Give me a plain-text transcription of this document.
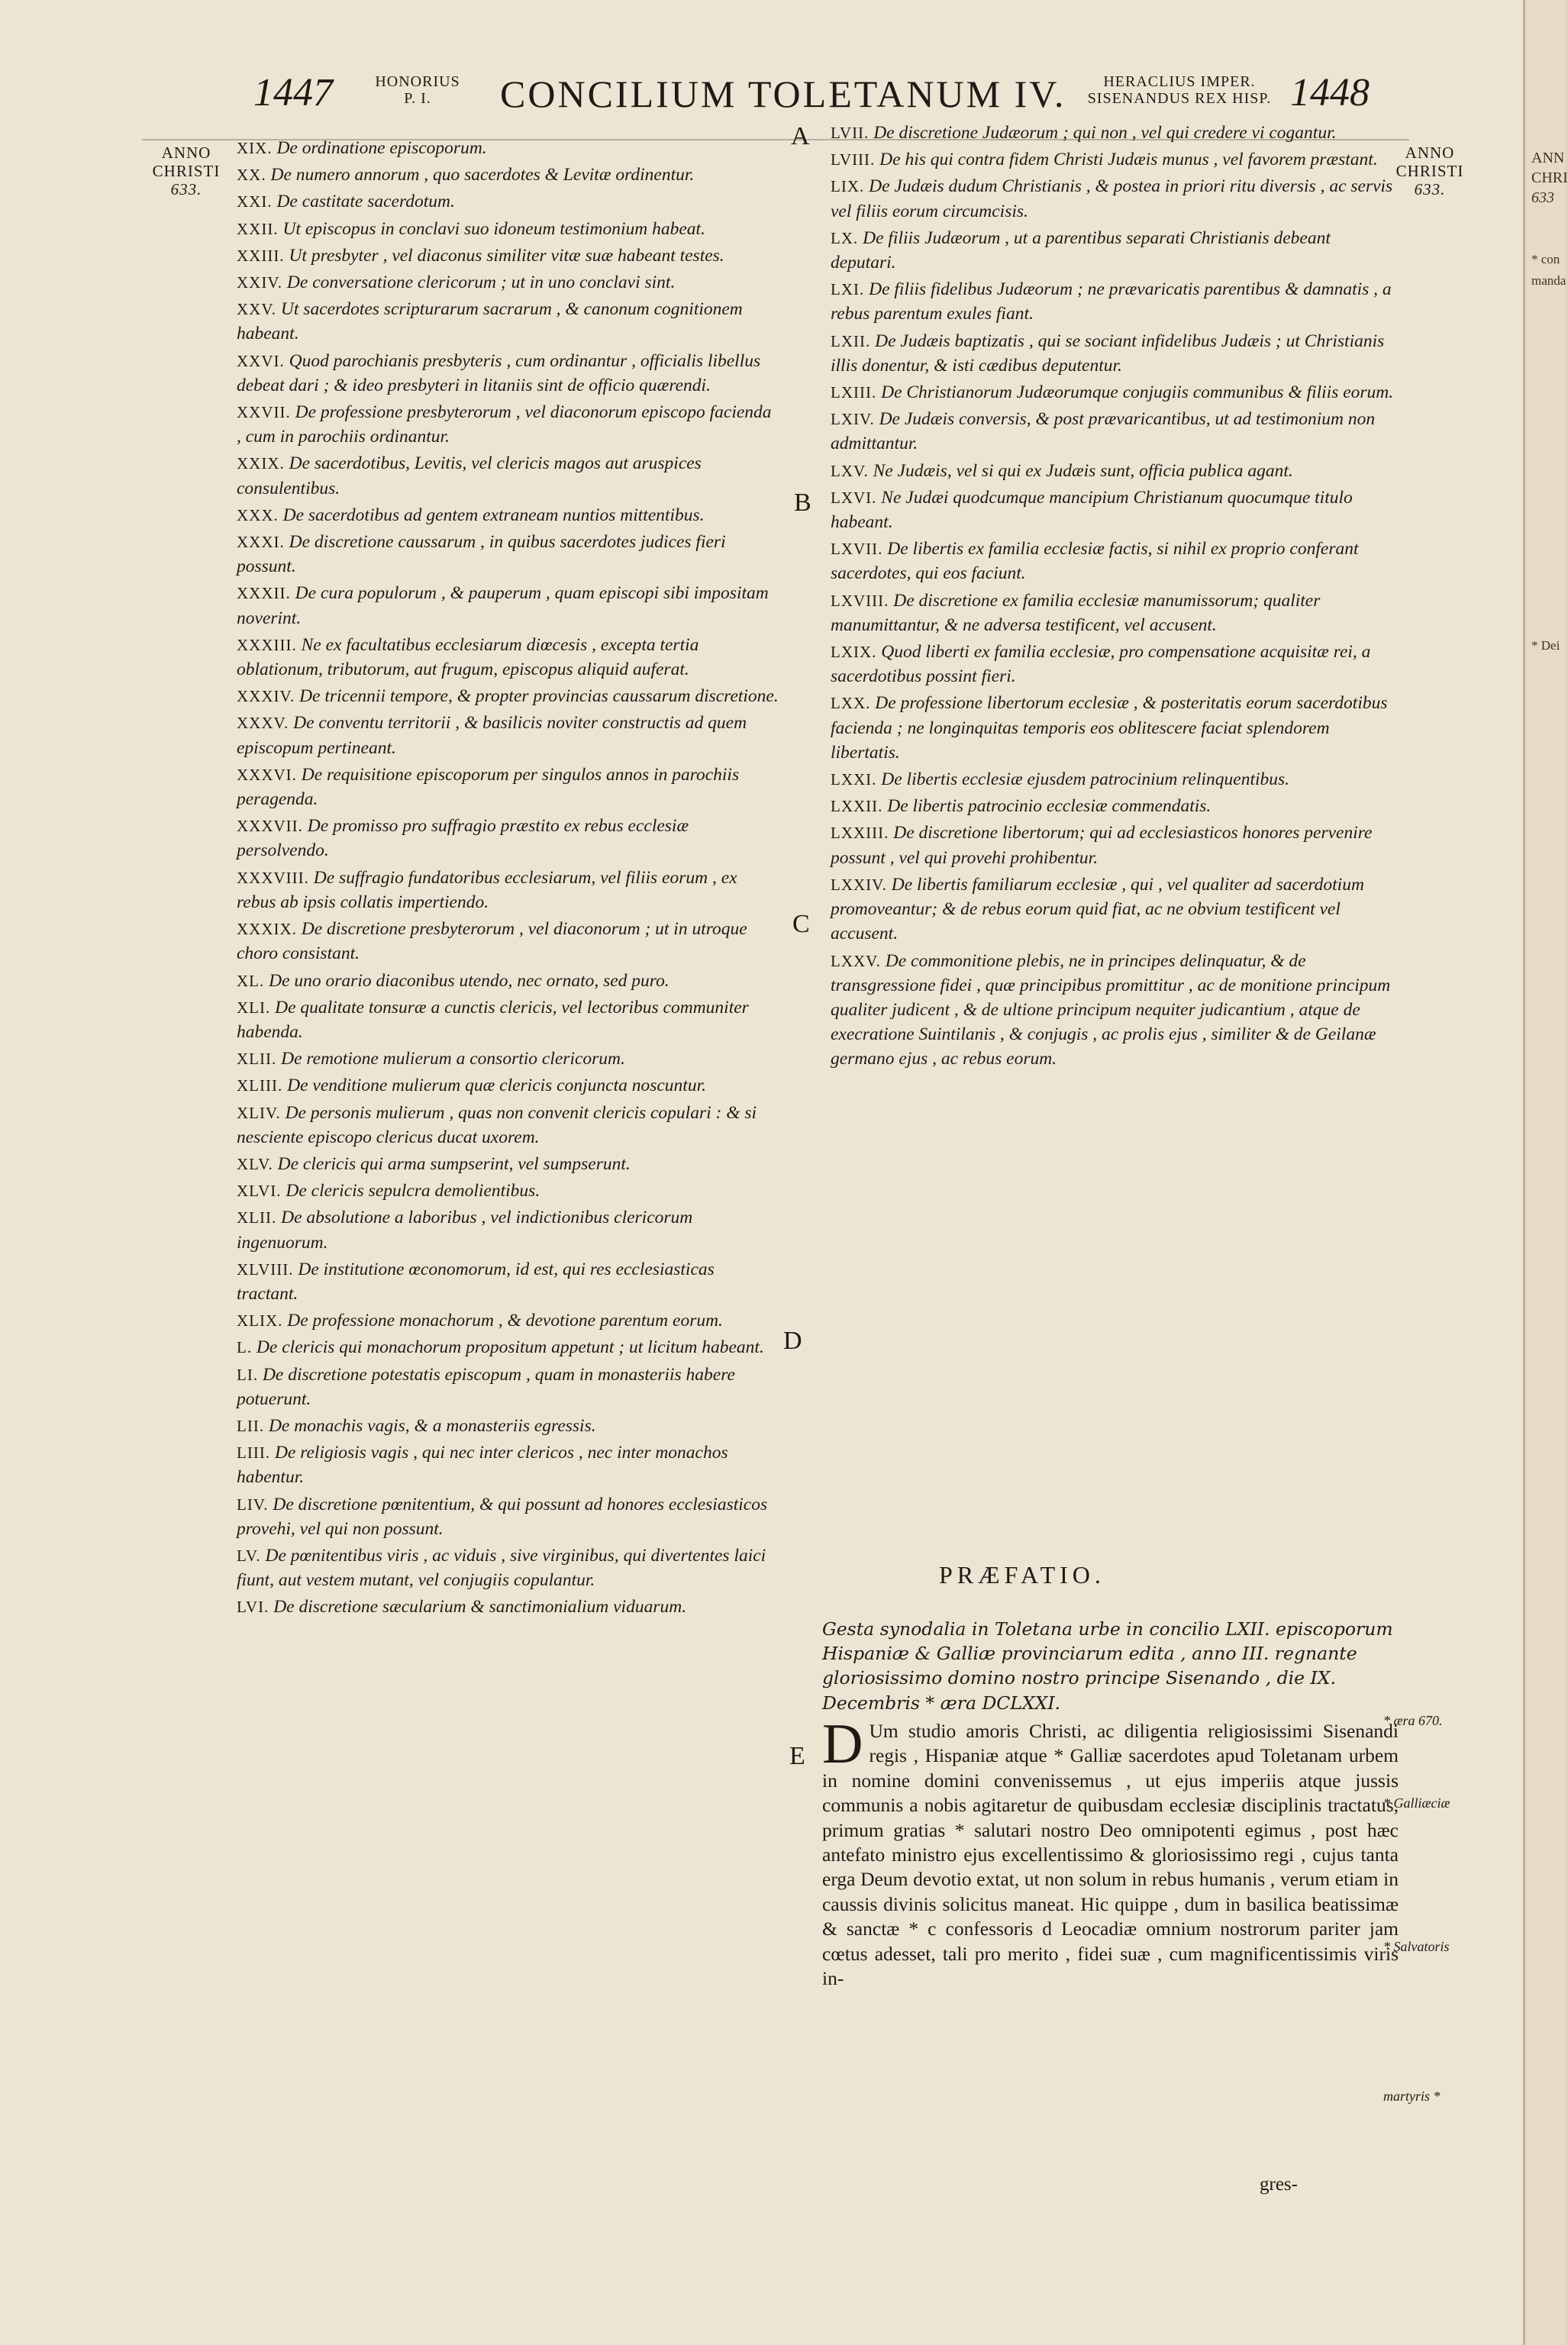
1447	HONORIUS
P. I.	CONCILIUM TOLETANUM IV.	HERACLIUS IMPER.
SISENANDUS REX HISP. 1448
ANNO
CHRISTI
633.
ANNO
CHRISTI
633.

XIX. De ordinatione episcoporum.

XX. De numero annorum , quo sacerdotes & Levitæ ordinentur.

XXI. De castitate sacerdotum.

XXII. Ut episcopus in conclavi suo idoneum testimonium habeat.

XXIII. Ut presbyter , vel diaconus similiter vitæ suæ habeant testes.

XXIV. De conversatione clericorum ; ut in uno conclavi sint.

XXV. Ut sacerdotes scripturarum sacrarum , & canonum cognitionem habeant.

XXVI. Quod parochianis presbyteris , cum ordinantur , officialis libellus debeat dari ; & ideo presbyteri in litaniis sint de officio quærendi.

XXVII. De professione presbyterorum , vel diaconorum episcopo facienda , cum in parochiis ordinantur.

XXIX. De sacerdotibus, Levitis, vel clericis magos aut aruspices consulentibus.

XXX. De sacerdotibus ad gentem extraneam nuntios mittentibus.

XXXI. De discretione caussarum , in quibus sacerdotes judices fieri possunt.

XXXII. De cura populorum , & pauperum , quam episcopi sibi impositam noverint.

XXXIII. Ne ex facultatibus ecclesiarum diœcesis , excepta tertia oblationum, tributorum, aut frugum, episcopus aliquid auferat.

XXXIV. De tricennii tempore, & propter provincias caussarum discretione.

XXXV. De conventu territorii , & basilicis noviter constructis ad quem episcopum pertineant.

XXXVI. De requisitione episcoporum per singulos annos in parochiis peragenda.

XXXVII. De promisso pro suffragio præstito ex rebus ecclesiæ persolvendo.

XXXVIII. De suffragio fundatoribus ecclesiarum, vel filiis eorum , ex rebus ab ipsis collatis impertiendo.

XXXIX. De discretione presbyterorum , vel diaconorum ; ut in utroque choro consistant.

XL. De uno orario diaconibus utendo, nec ornato, sed puro.

XLI. De qualitate tonsuræ a cunctis clericis, vel lectoribus communiter habenda.

XLII. De remotione mulierum a consortio clericorum.

XLIII. De venditione mulierum quæ clericis conjuncta noscuntur.

XLIV. De personis mulierum , quas non convenit clericis copulari : & si nesciente episcopo clericus ducat uxorem.

XLV. De clericis qui arma sumpserint, vel sumpserunt.

XLVI. De clericis sepulcra demolientibus.

XLII. De absolutione a laboribus , vel indictionibus clericorum ingenuorum.

XLVIII. De institutione œconomorum, id est, qui res ecclesiasticas tractant.

XLIX. De professione monachorum , & devotione parentum eorum.

L. De clericis qui monachorum propositum appetunt ; ut licitum habeant.

LI. De discretione potestatis episcopum , quam in monasteriis habere potuerunt.

LII. De monachis vagis, & a monasteriis egressis.

LIII. De religiosis vagis , qui nec inter clericos , nec inter monachos habentur.

LIV. De discretione pœnitentium, & qui possunt ad honores ecclesiasticos provehi, vel qui non possunt.

LV. De pœnitentibus viris , ac viduis , sive virginibus, qui divertentes laici fiunt, aut vestem mutant, vel conjugiis copulantur.

LVI. De discretione sæcularium & sanctimonialium viduarum.

LVII. De discretione Judæorum ; qui non , vel qui credere vi cogantur.

LVIII. De his qui contra fidem Christi Judæis munus , vel favorem præstant.

LIX. De Judæis dudum Christianis , & postea in priori ritu diversis , ac servis vel filiis eorum circumcisis.

LX. De filiis Judæorum , ut a parentibus separati Christianis debeant deputari.

LXI. De filiis fidelibus Judæorum ; ne prævaricatis parentibus & damnatis , a rebus parentum exules fiant.

LXII. De Judæis baptizatis , qui se sociant infidelibus Judæis ; ut Christianis illis donentur, & isti cædibus deputentur.

LXIII. De Christianorum Judæorumque conjugiis communibus & filiis eorum.

LXIV. De Judæis conversis, & post prævaricantibus, ut ad testimonium non admittantur.

LXV. Ne Judæis, vel si qui ex Judæis sunt, officia publica agant.

LXVI. Ne Judæi quodcumque mancipium Christianum quocumque titulo habeant.

LXVII. De libertis ex familia ecclesiæ factis, si nihil ex proprio conferant sacerdotes, qui eos faciunt.

LXVIII. De discretione ex familia ecclesiæ manumissorum; qualiter manumittantur, & ne adversa testificent, vel accusent.

LXIX. Quod liberti ex familia ecclesiæ, pro compensatione acquisitæ rei, a sacerdotibus possint fieri.

LXX. De professione libertorum ecclesiæ , & posteritatis eorum sacerdotibus facienda ; ne longinquitas temporis eos oblitescere faciat splendorem libertatis.

LXXI. De libertis ecclesiæ ejusdem patrocinium relinquentibus.

LXXII. De libertis patrocinio ecclesiæ commendatis.

LXXIII. De discretione libertorum; qui ad ecclesiasticos honores pervenire possunt , vel qui provehi prohibentur.

LXXIV. De libertis familiarum ecclesiæ , qui , vel qualiter ad sacerdotium promoveantur; & de rebus eorum quid fiat, ac ne obvium testificent vel accusent.

LXXV. De commonitione plebis, ne in principes delinquatur, & de transgressione fidei , quæ principibus promittitur , ac de monitione principum qualiter judicent , & de ultione principum nequiter judicantium , atque de execratione Suintilanis , & conjugis , ac prolis ejus , similiter & de Geilanæ germano ejus , ac rebus eorum.

A
B
C
D
E
PRÆFATIO.
Gesta synodalia in Toletana urbe in concilio LXII. episcoporum Hispaniæ & Galliæ provinciarum edita , anno III. regnante gloriosissimo domino nostro principe Sisenando , die IX. Decembris * æra DCLXXI.
D Um studio amoris Christi, ac diligentia religiosissimi Sisenandi regis , Hispaniæ atque * Galliæ sacerdotes apud Toletanam urbem in nomine domini convenissemus , ut ejus imperiis atque jussis communis a nobis agitaretur de quibusdam ecclesiæ disciplinis tractatus, primum gratias * salutari nostro Deo omnipotenti egimus , post hæc antefato ministro ejus excellentissimo & gloriosissimo regi , cujus tanta erga Deum devotio extat, ut non solum in rebus humanis , verum etiam in caussis divinis solicitus maneat. Hic quippe , dum in basilica beatissimæ & sanctæ * c confessoris d Leocadiæ omnium nostrorum pariter jam cœtus adesset, tali pro merito , fidei suæ , cum magnificentissimis viris in-
gres-
* æra 670.
* Galliæciæ
* Salvatoris
martyris *
ANN
CHRI
633
* con
manda
* Dei
